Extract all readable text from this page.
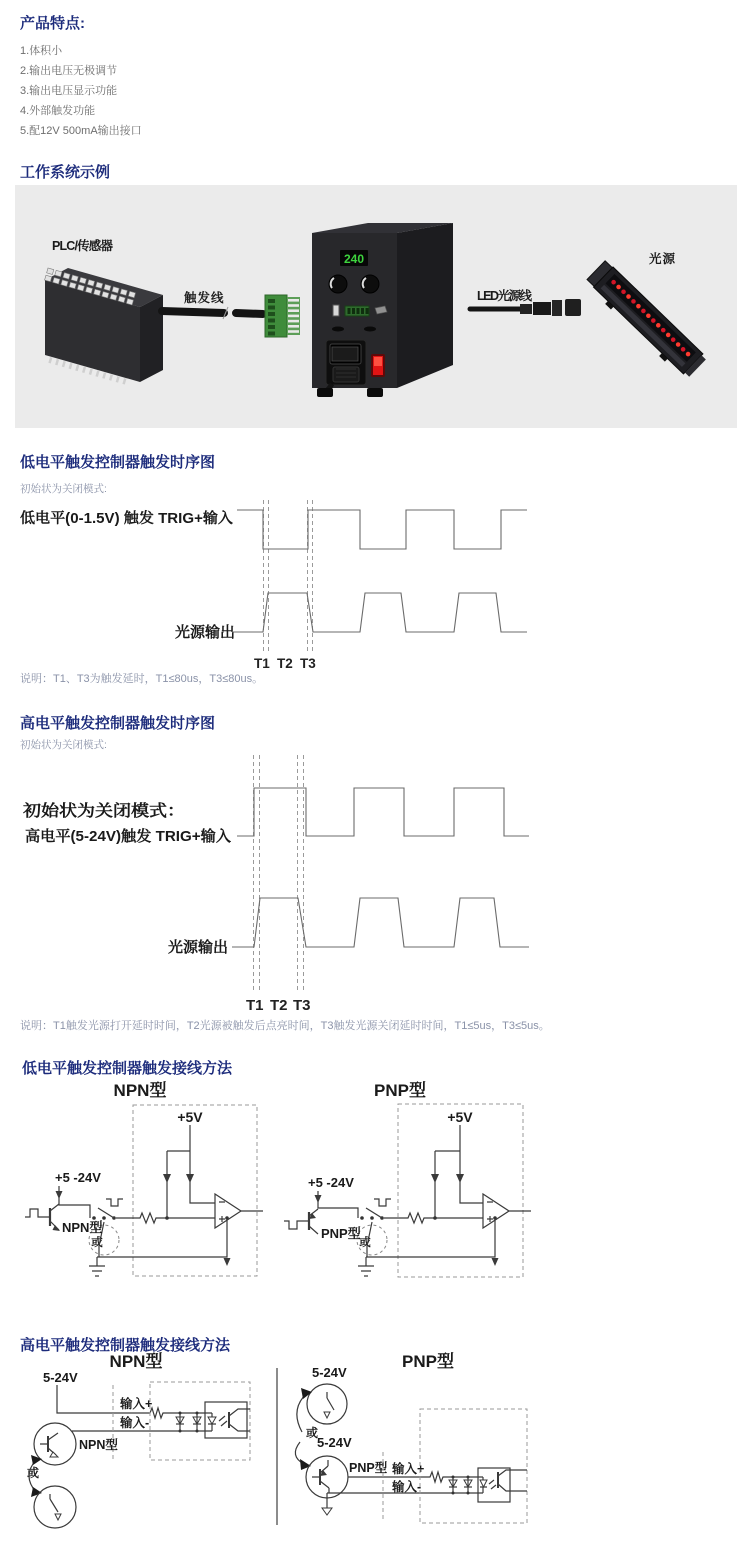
产品特点:
1.体积小
2.输出电压无极调节
3.输出电压显示功能
4.外部触发功能
5.配12V 500mA输出接口
工作系统示例
PLC/传感器
触发线
240
LED光源线
光源
低电平触发控制器触发时序图
初始状为关闭模式:
低电平(0-1.5V) 触发 TRIG+输入
光源输出
T1 T2 T3
说明：T1、T3为触发延时，T1≤80us，T3≤80us。
高电平触发控制器触发时序图
初始状为关闭模式:
初始状为关闭模式：
高电平(5-24V)触发 TRIG+输入
光源输出
T1 T2 T3
说明：T1触发光源打开延时时间，T2光源被触发后点亮时间，T3触发光源关闭延时时间，T1≤5us，T3≤5us。
低电平触发控制器触发接线方法
NPN型
+5V
或
+5 -24V
NPN型
PNP型
+5V
或
+5 -24V
PNP型
高电平触发控制器触发接线方法
NPN型
5-24V
输入+
输入-
NPN型
或
PNP型
5-24V
或
5-24V
PNP型 输入+
输入-
